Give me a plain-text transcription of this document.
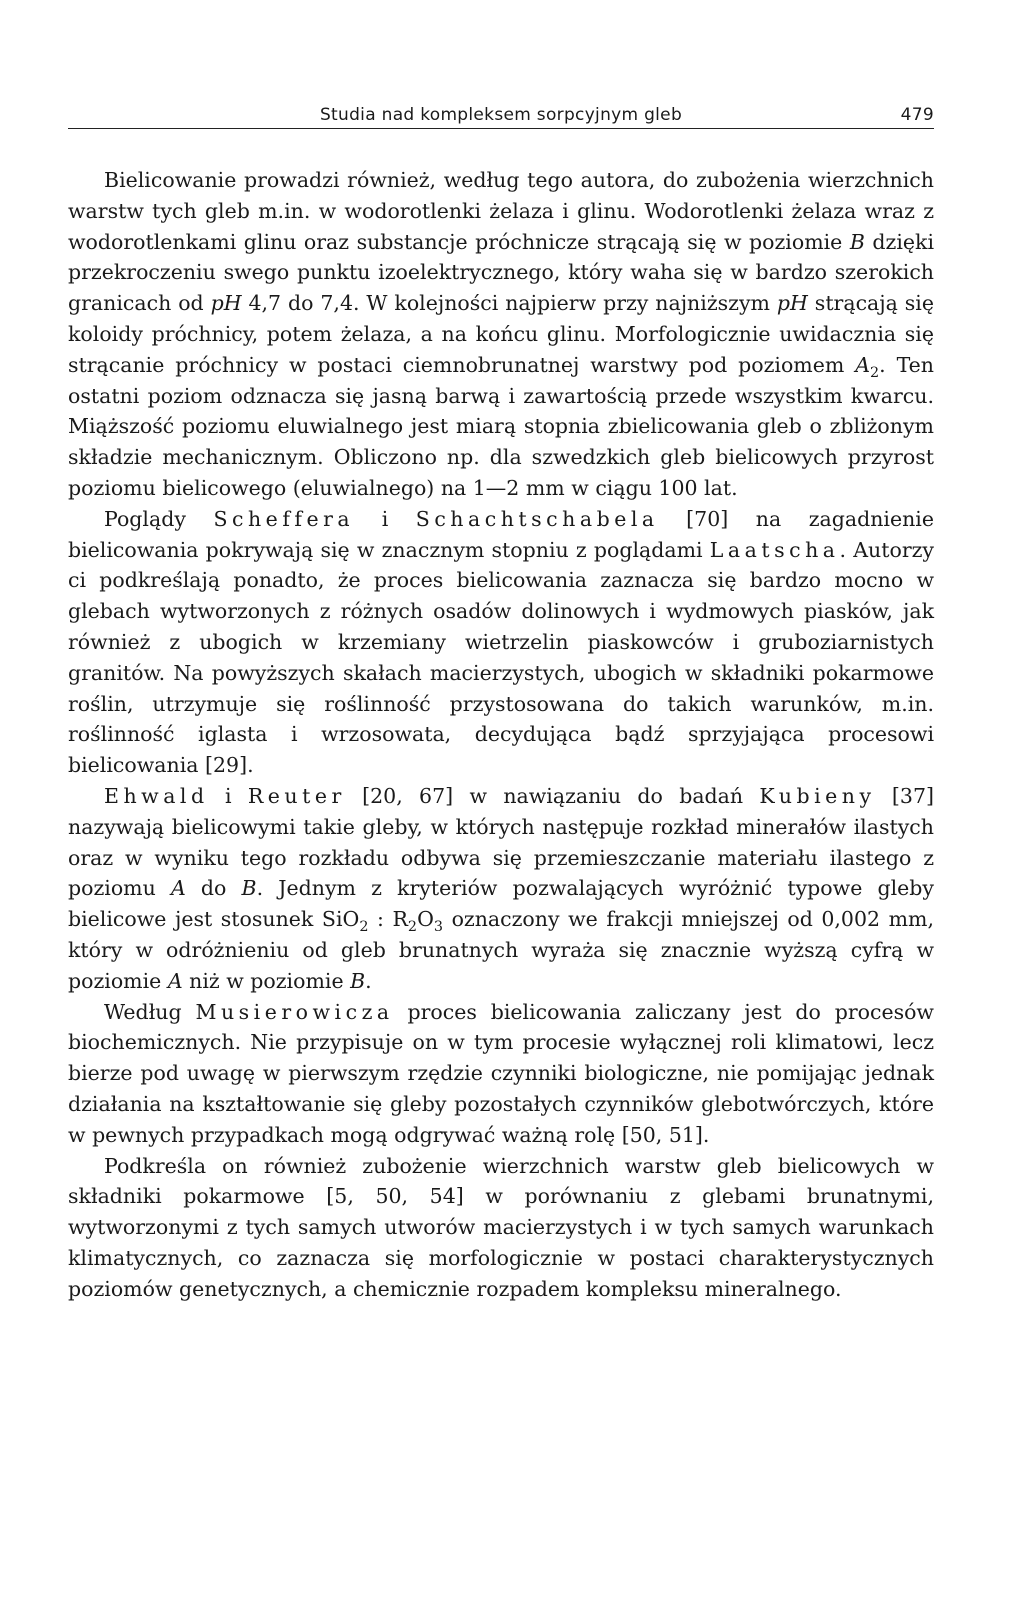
Studia nad kompleksem sorpcyjnym gleb	479

Bielicowanie prowadzi również, według tego autora, do zubożenia wierzchnich warstw tych gleb m.in. w wodorotlenki żelaza i glinu. Wodorotlenki żelaza wraz z wodorotlenkami glinu oraz substancje próchnicze strącają się w poziomie B dzięki przekroczeniu swego punktu izoelektrycznego, który waha się w bardzo szerokich granicach od pH 4,7 do 7,4. W kolejności najpierw przy najniższym pH strącają się koloidy próchnicy, potem żelaza, a na końcu glinu. Morfologicznie uwidacznia się strącanie próchnicy w postaci ciemnobrunatnej warstwy pod poziomem $A_2$. Ten ostatni poziom odznacza się jasną barwą i zawartością przede wszystkim kwarcu. Miąższość poziomu eluwialnego jest miarą stopnia zbielicowania gleb o zbliżonym składzie mechanicznym. Obliczono np. dla szwedzkich gleb bielicowych przyrost poziomu bielicowego (eluwialnego) na 1—2 mm w ciągu 100 lat.

Poglądy Scheffera i Schachtschabela [70] na zagadnienie bielicowania pokrywają się w znacznym stopniu z poglądami Laatscha. Autorzy ci podkreślają ponadto, że proces bielicowania zaznacza się bardzo mocno w glebach wytworzonych z różnych osadów dolinowych i wydmowych piasków, jak również z ubogich w krzemiany wietrzelin piaskowców i gruboziarnistych granitów. Na powyższych skałach macierzystych, ubogich w składniki pokarmowe roślin, utrzymuje się roślinność przystosowana do takich warunków, m.in. roślinność iglasta i wrzosowata, decydująca bądź sprzyjająca procesowi bielicowania [29].

Ehwald i Reuter [20, 67] w nawiązaniu do badań Kubieny [37] nazywają bielicowymi takie gleby, w których następuje rozkład minerałów ilastych oraz w wyniku tego rozkładu odbywa się przemieszczanie materiału ilastego z poziomu A do B. Jednym z kryteriów pozwalających wyróżnić typowe gleby bielicowe jest stosunek SiO$_2$ : $R_2O_3$ oznaczony we frakcji mniejszej od 0,002 mm, który w odróżnieniu od gleb brunatnych wyraża się znacznie wyższą cyfrą w poziomie A niż w poziomie B.

Według Musierowicza proces bielicowania zaliczany jest do procesów biochemicznych. Nie przypisuje on w tym procesie wyłącznej roli klimatowi, lecz bierze pod uwagę w pierwszym rzędzie czynniki biologiczne, nie pomijając jednak działania na kształtowanie się gleby pozostałych czynników glebotwórczych, które w pewnych przypadkach mogą odgrywać ważną rolę [50, 51].

Podkreśla on również zubożenie wierzchnich warstw gleb bielicowych w składniki pokarmowe [5, 50, 54] w porównaniu z glebami brunatnymi, wytworzonymi z tych samych utworów macierzystych i w tych samych warunkach klimatycznych, co zaznacza się morfologicznie w postaci charakterystycznych poziomów genetycznych, a chemicznie rozpadem kompleksu mineralnego.
